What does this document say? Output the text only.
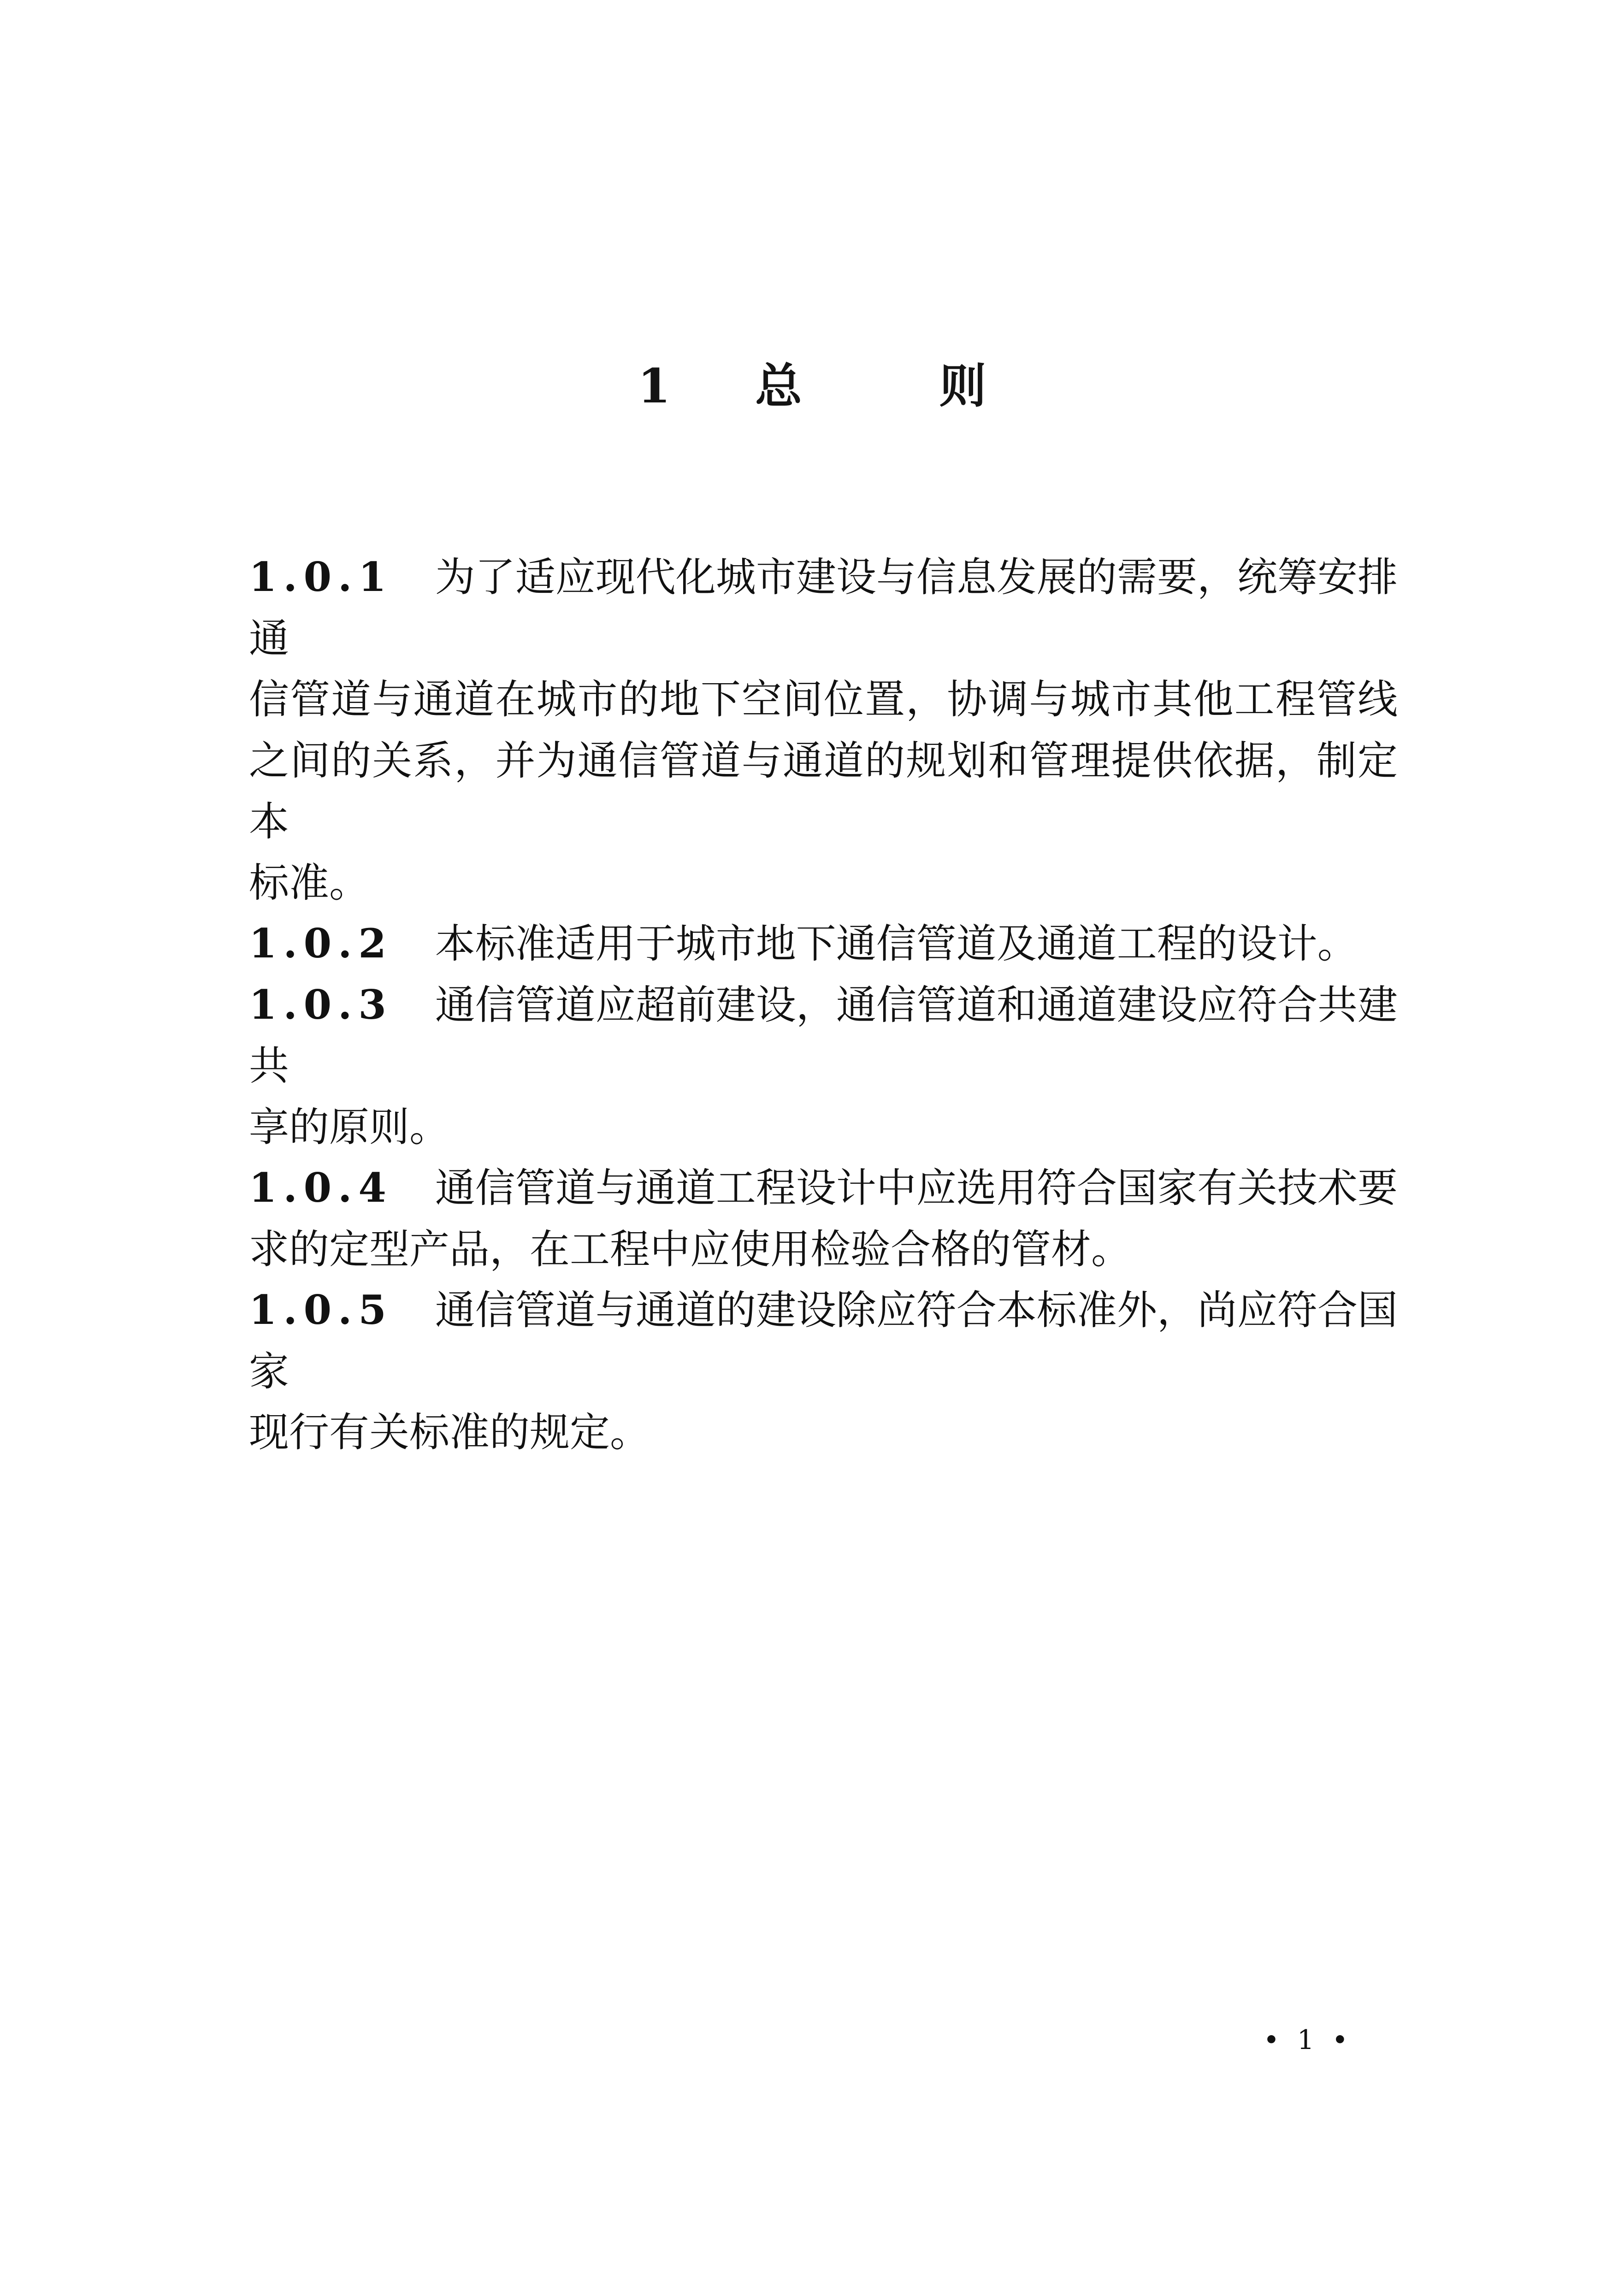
1 总	则
1.0.1 为了适应现代化城市建设与信息发展的需要，统筹安排通
信管道与通道在城市的地下空间位置，协调与城市其他工程管线
之间的关系，并为通信管道与通道的规划和管理提供依据，制定本
标准。
1.0.2 本标准适用于城市地下通信管道及通道工程的设计。
1.0.3 通信管道应超前建设，通信管道和通道建设应符合共建共
享的原则。
1.0.4 通信管道与通道工程设计中应选用符合国家有关技术要
求的定型产品，在工程中应使用检验合格的管材。
1.0.5 通信管道与通道的建设除应符合本标准外，尚应符合国家
现行有关标准的规定。
• 1 •
